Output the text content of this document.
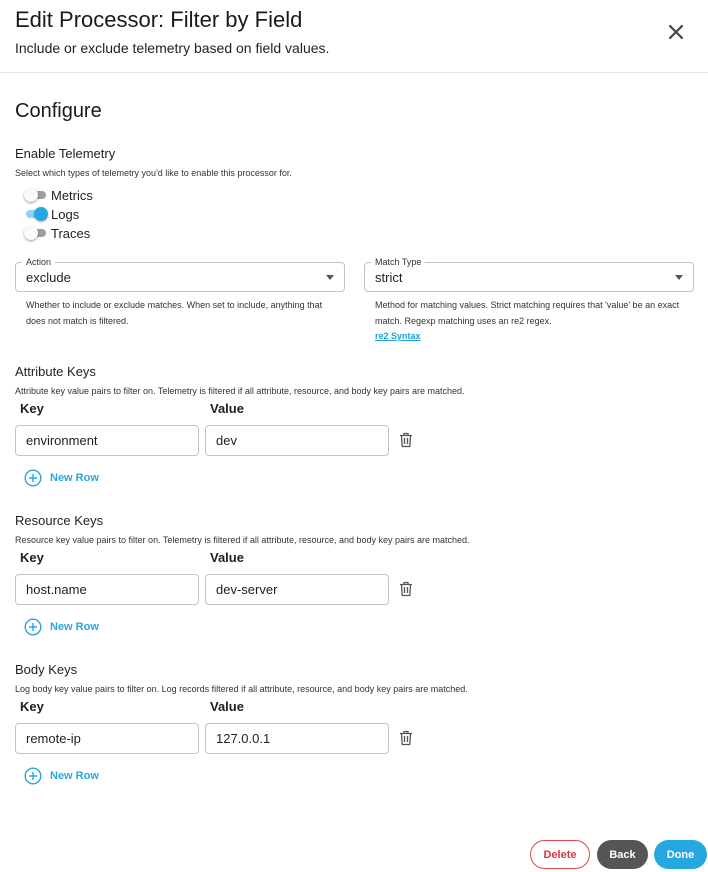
Edit Processor: Filter by Field
Include or exclude telemetry based on field values.
Configure
Enable Telemetry
Select which types of telemetry you'd like to enable this processor for.
Metrics
Logs
Traces
Action
exclude
Whether to include or exclude matches. When set to include, anything that does not match is filtered.
Match Type
strict
Method for matching values. Strict matching requires that 'value' be an exact match. Regexp matching uses an re2 regex.
re2 Syntax
Attribute Keys
Attribute key value pairs to filter on. Telemetry is filtered if all attribute, resource, and body key pairs are matched.
Key	Value
environment	dev
New Row
Resource Keys
Resource key value pairs to filter on. Telemetry is filtered if all attribute, resource, and body key pairs are matched.
Key	Value
host.name	dev-server
New Row
Body Keys
Log body key value pairs to filter on. Log records filtered if all attribute, resource, and body key pairs are matched.
Key	Value
remote-ip	127.0.0.1
New Row
Delete	Back	Done
